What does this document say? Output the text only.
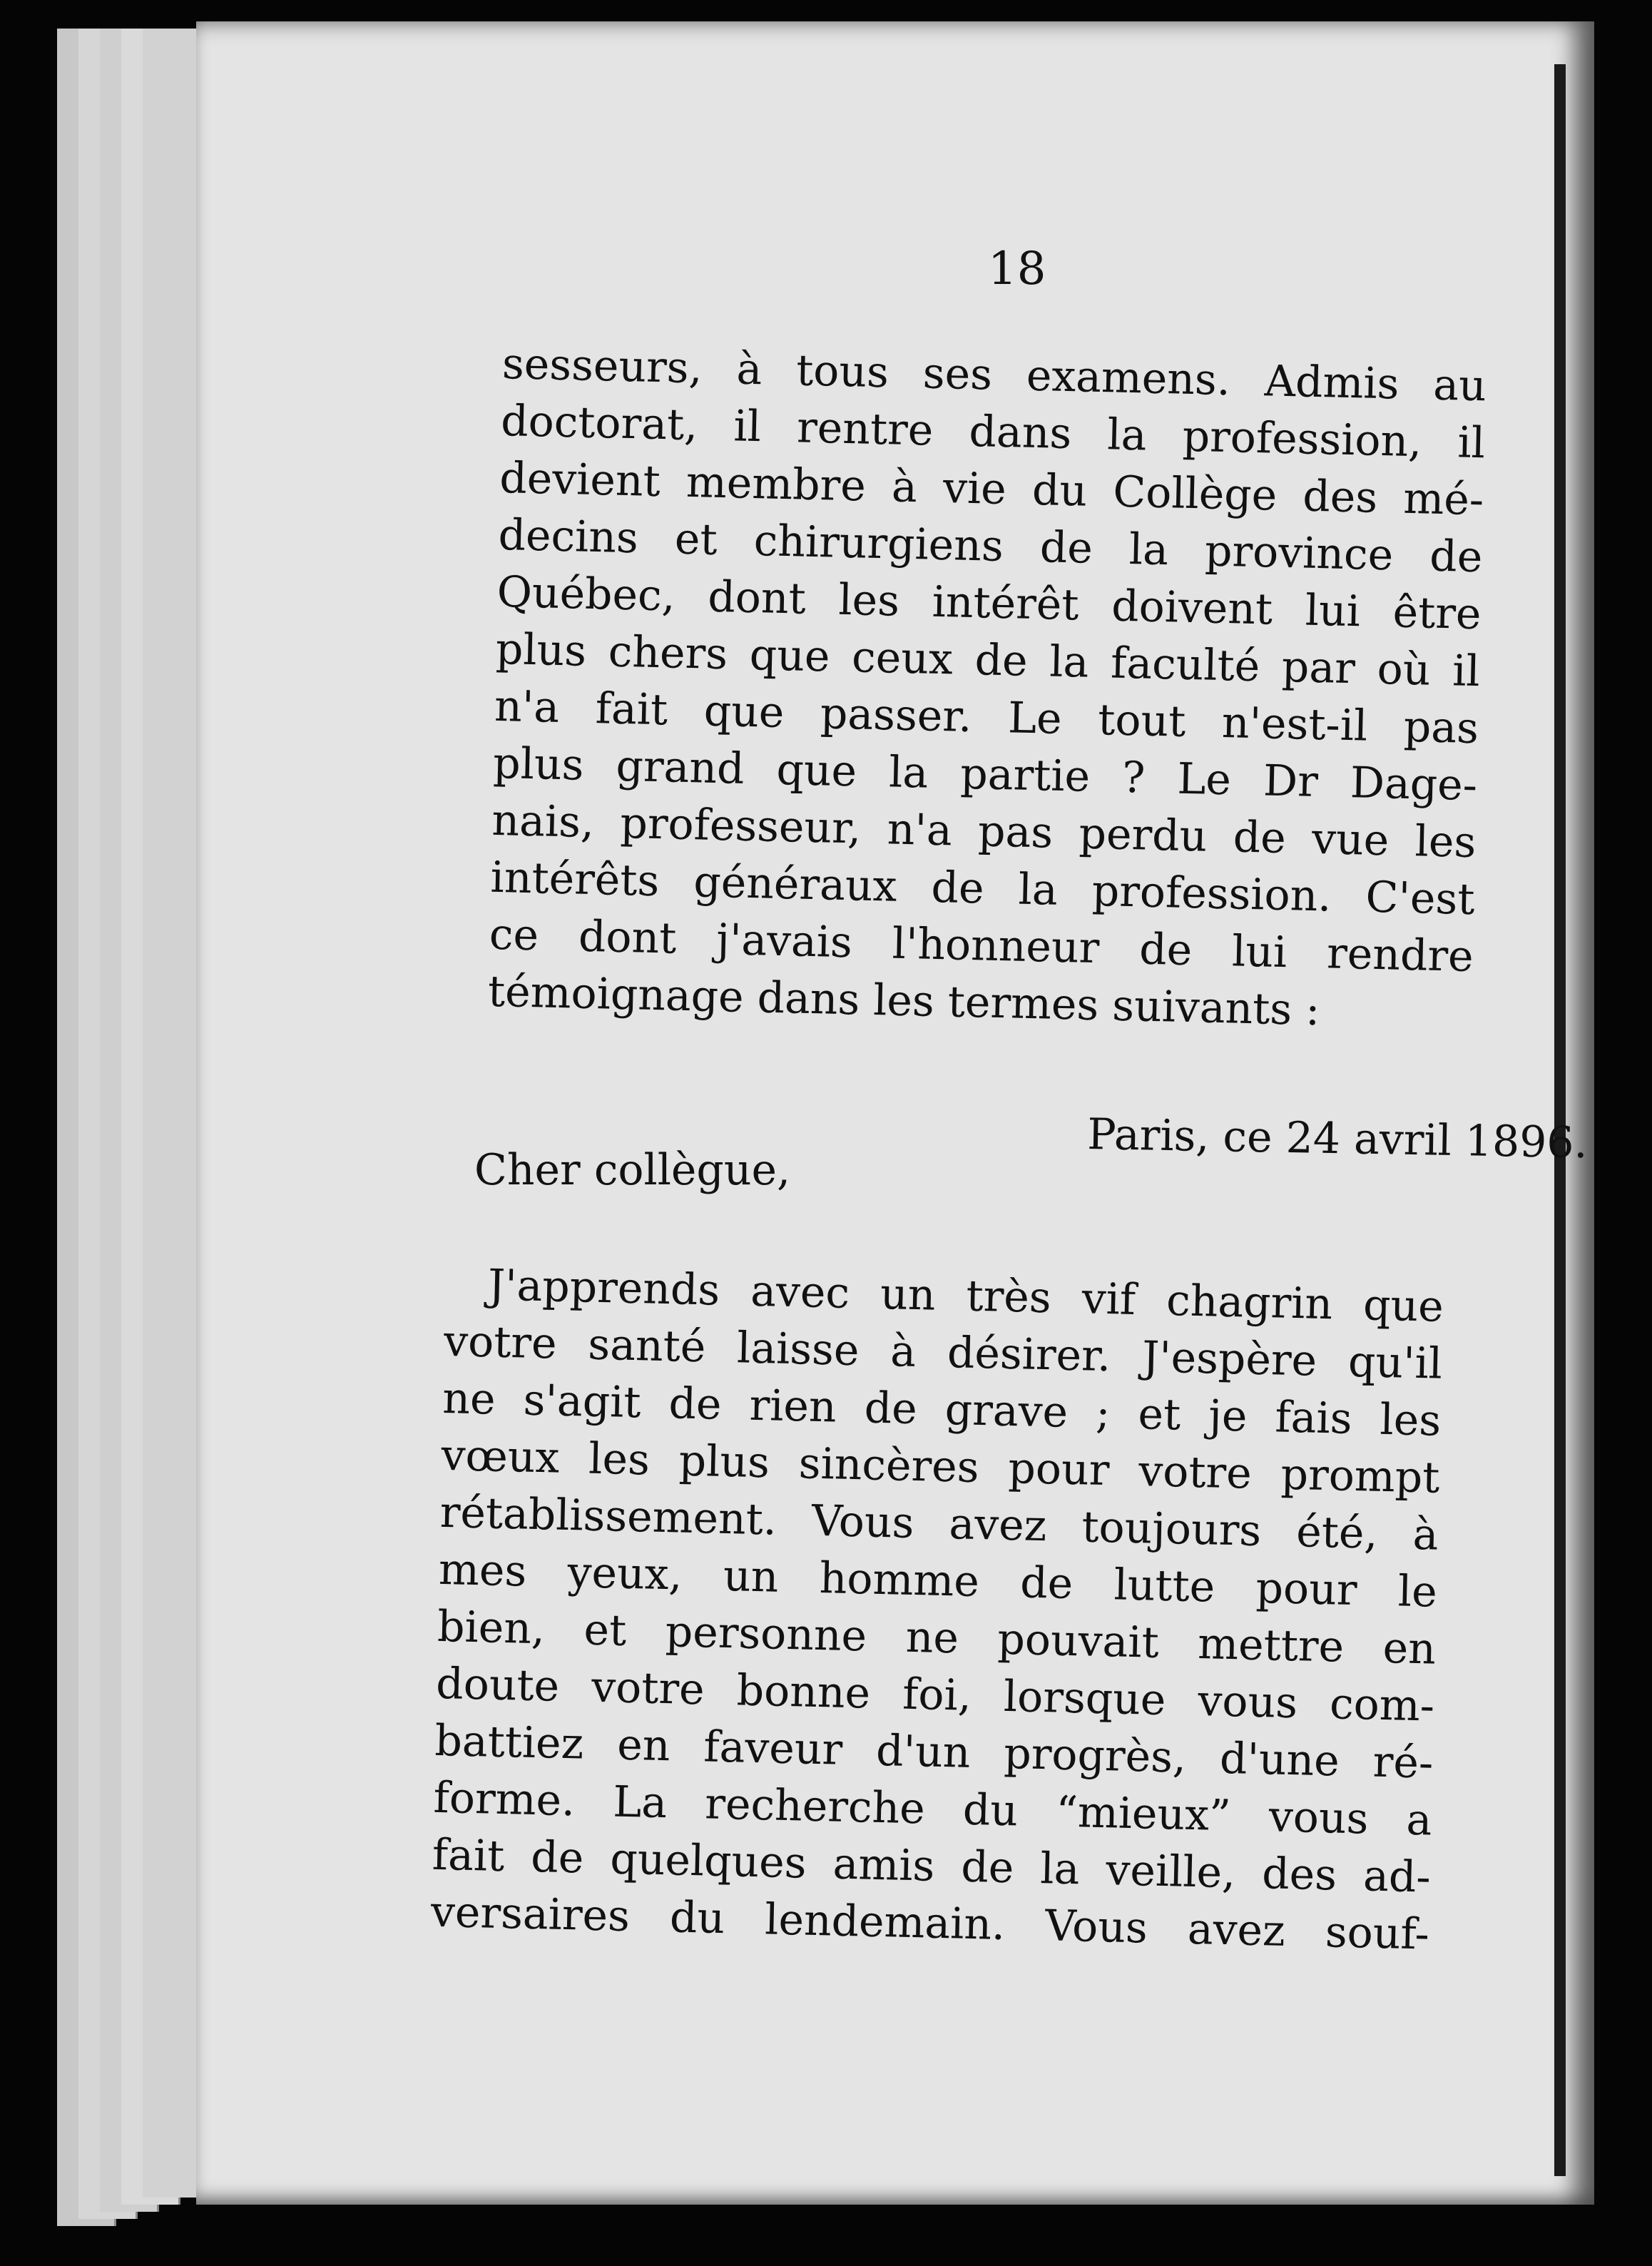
18

sesseurs, à tous ses examens. Admis au
doctorat, il rentre dans la profession, il
devient membre à vie du Collège des mé-
decins et chirurgiens de la province de
Québec, dont les intérêt doivent lui être
plus chers que ceux de la faculté par où il
n'a fait que passer. Le tout n'est-il pas
plus grand que la partie ? Le Dr Dage-
nais, professeur, n'a pas perdu de vue les
intérêts généraux de la profession. C'est
ce dont j'avais l'honneur de lui rendre
témoignage dans les termes suivants :
Paris, ce 24 avril 1896.
Cher collègue,
J'apprends avec un très vif chagrin que
votre santé laisse à désirer. J'espère qu'il
ne s'agit de rien de grave ; et je fais les
vœux les plus sincères pour votre prompt
rétablissement. Vous avez toujours été, à
mes yeux, un homme de lutte pour le
bien, et personne ne pouvait mettre en
doute votre bonne foi, lorsque vous com-
battiez en faveur d'un progrès, d'une ré-
forme. La recherche du “mieux” vous a
fait de quelques amis de la veille, des ad-
versaires du lendemain. Vous avez souf-
